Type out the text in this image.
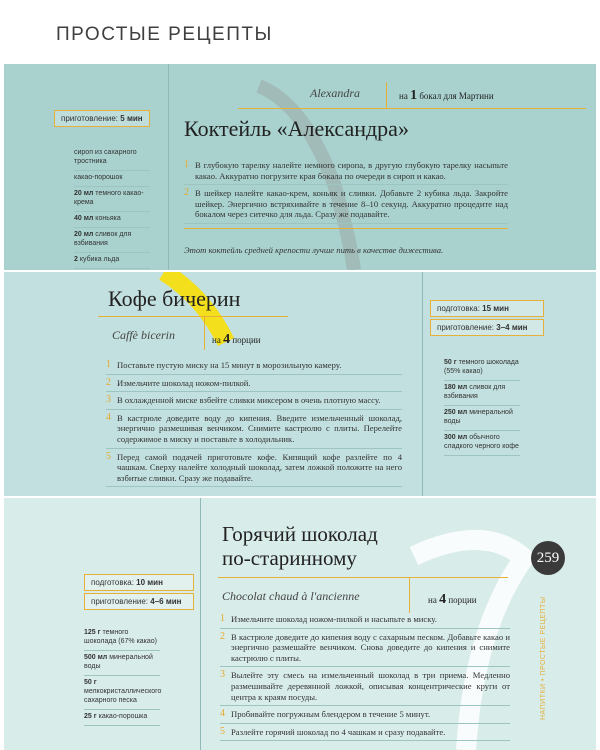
ПРОСТЫЕ РЕЦЕПТЫ
Alexandra	на 1 бокал для Мартини
Коктейль «Александра»
приготовление: 5 мин
сироп из сахарного тростника
какао-порошок
20 мл темного какао-крема
40 мл коньяка
20 мл сливок для взбивания
2 кубика льда
1 В глубокую тарелку налейте немного сиропа, в другую глубокую тарелку насыпьте какао. Аккуратно погрузите края бокала по очереди в сироп и какао.
2 В шейкер налейте какао-крем, коньяк и сливки. Добавьте 2 кубика льда. Закройте шейкер. Энергично встряхивайте в течение 8–10 секунд. Аккуратно процедите над бокалом через ситечко для льда. Сразу же подавайте.
Этот коктейль средней крепости лучше пить в качестве дижестива.
Кофе бичерин
Caffè bicerin	на 4 порции
подготовка: 15 мин
приготовление: 3–4 мин
50 г темного шоколада (55% какао)
180 мл сливок для взбивания
250 мл минеральной воды
300 мл обычного сладкого черного кофе
1 Поставьте пустую миску на 15 минут в морозильную камеру.
2 Измельчите шоколад ножом-пилкой.
3 В охлажденной миске взбейте сливки миксером в очень плотную массу.
4 В кастрюле доведите воду до кипения. Введите измельченный шоколад, энергично размешивая венчиком. Снимите кастрюлю с плиты. Перелейте содержимое в миску и поставьте в холодильник.
5 Перед самой подачей приготовьте кофе. Кипящий кофе разлейте по 4 чашкам. Сверху налейте холодный шоколад, затем ложкой положите на него взбитые сливки. Сразу же подавайте.
Горячий шоколад
по-старинному
Chocolat chaud à l'ancienne	на 4 порции
подготовка: 10 мин
приготовление: 4–6 мин
125 г темного шоколада (67% какао)
500 мл минеральной воды
50 г мелкокристаллического сахарного песка
25 г какао-порошка
1 Измельчите шоколад ножом-пилкой и насыпьте в миску.
2 В кастрюле доведите до кипения воду с сахарным песком. Добавьте какао и энергично размешайте венчиком. Снова доведите до кипения и снимите кастрюлю с плиты.
3 Вылейте эту смесь на измельченный шоколад в три приема. Медленно размешивайте деревянной ложкой, описывая концентрические круги от центра к краям посуды.
4 Пробивайте погружным блендером в течение 5 минут.
5 Разлейте горячий шоколад по 4 чашкам и сразу подавайте.
259
НАПИТКИ • ПРОСТЫЕ РЕЦЕПТЫ
